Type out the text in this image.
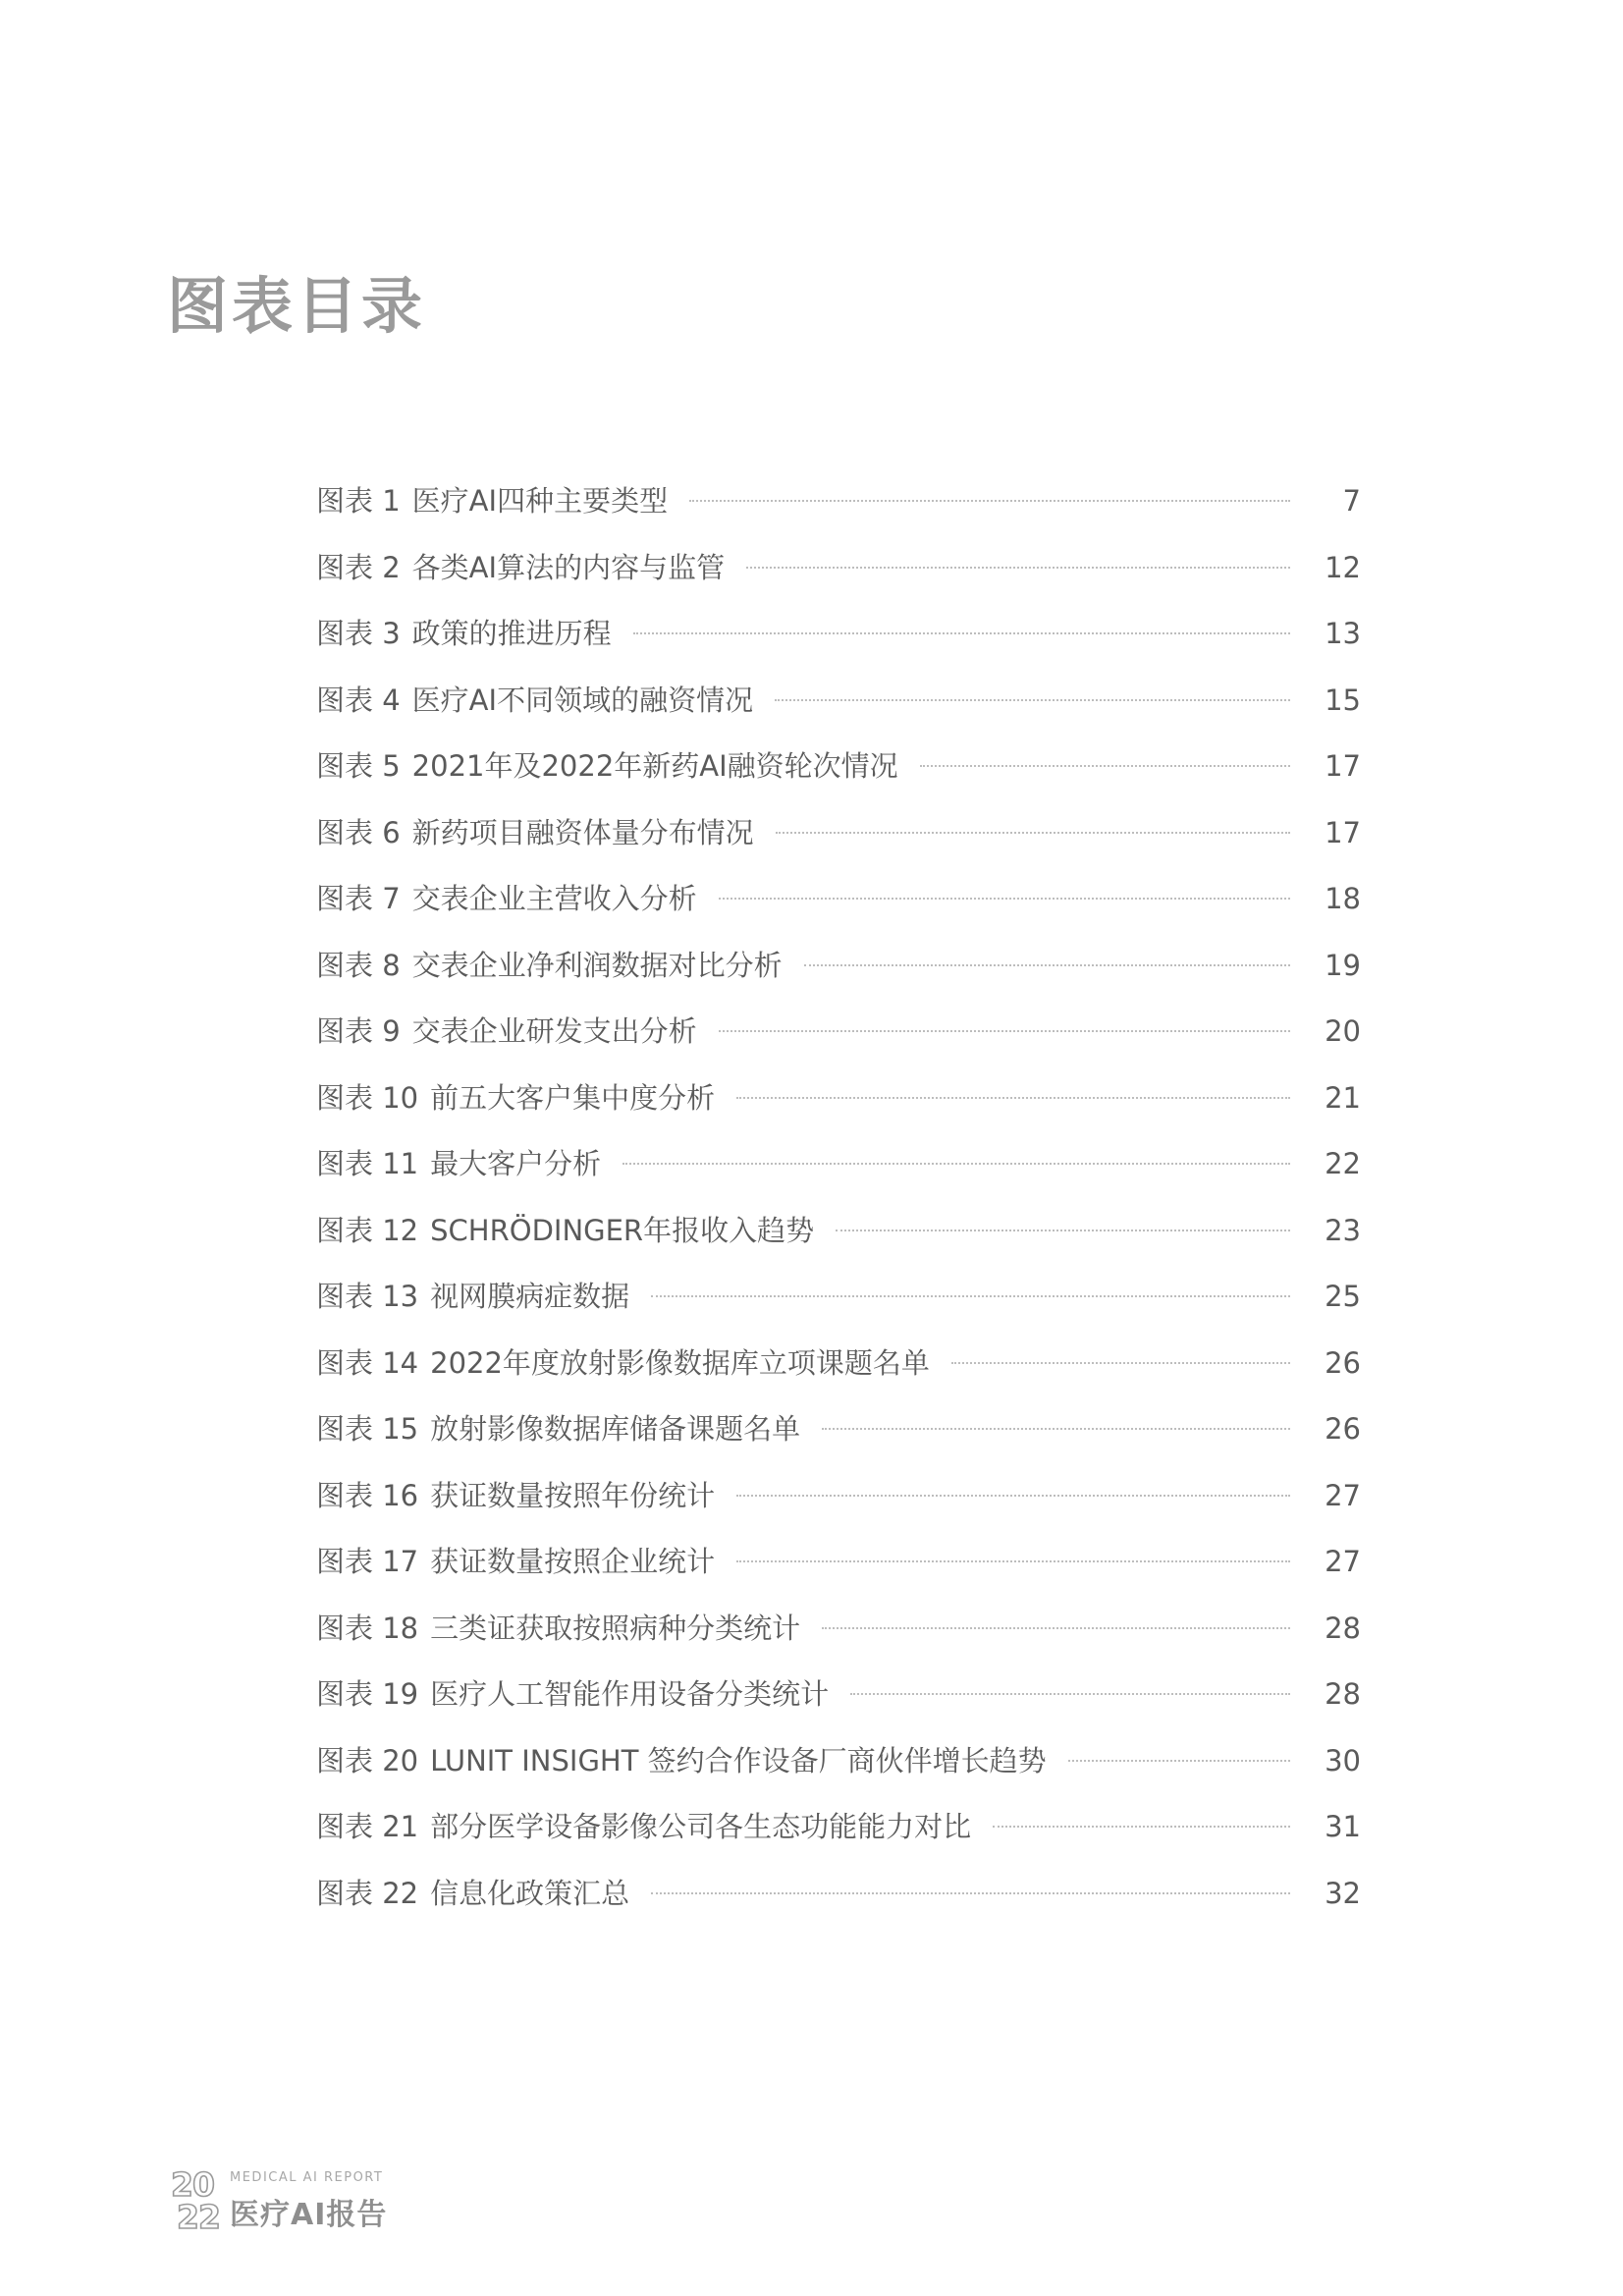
图表目录
图表 1 医疗AI四种主要类型	7
图表 2 各类AI算法的内容与监管	12
图表 3 政策的推进历程	13
图表 4 医疗AI不同领域的融资情况	15
图表 5 2021年及2022年新药AI融资轮次情况	17
图表 6 新药项目融资体量分布情况	17
图表 7 交表企业主营收入分析	18
图表 8 交表企业净利润数据对比分析	19
图表 9 交表企业研发支出分析	20
图表 10 前五大客户集中度分析	21
图表 11 最大客户分析	22
图表 12 SCHRÖDINGER年报收入趋势	23
图表 13 视网膜病症数据	25
图表 14 2022年度放射影像数据库立项课题名单	26
图表 15 放射影像数据库储备课题名单	26
图表 16 获证数量按照年份统计	27
图表 17 获证数量按照企业统计	27
图表 18 三类证获取按照病种分类统计	28
图表 19 医疗人工智能作用设备分类统计	28
图表 20 LUNIT INSIGHT 签约合作设备厂商伙伴增长趋势	30
图表 21 部分医学设备影像公司各生态功能能力对比	31
图表 22 信息化政策汇总	32
20
22
MEDICAL AI REPORT
医疗AI报告
